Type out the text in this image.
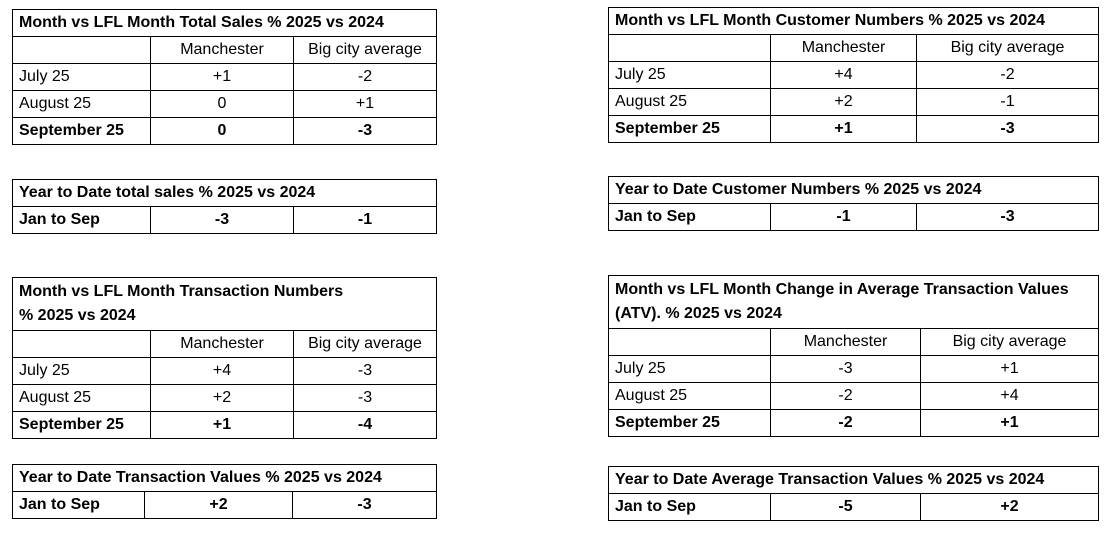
Month vs LFL Month Total Sales % 2025 vs 2024		
	Manchester	Big city average
July 25	+1	-2
August 25	0	+1
September 25	0	-3
Year to Date total sales % 2025 vs 2024
Jan to Sep	-3	-1
Month vs LFL Month Transaction Numbers
% 2025 vs 2024		
	Manchester	Big city average
July 25	+4	-3
August 25	+2	-3
September 25	+1	-4
Year to Date Transaction Values % 2025 vs 2024
Jan to Sep	+2	-3
Month vs LFL Month Customer Numbers % 2025 vs 2024		
	Manchester	Big city average
July 25	+4	-2
August 25	+2	-1
September 25	+1	-3
Year to Date Customer Numbers % 2025 vs 2024
Jan to Sep	-1	-3
Month vs LFL Month Change in Average Transaction Values (ATV). % 2025 vs 2024		
	Manchester	Big city average
July 25	-3	+1
August 25	-2	+4
September 25	-2	+1
Year to Date Average Transaction Values % 2025 vs 2024
Jan to Sep	-5	+2
